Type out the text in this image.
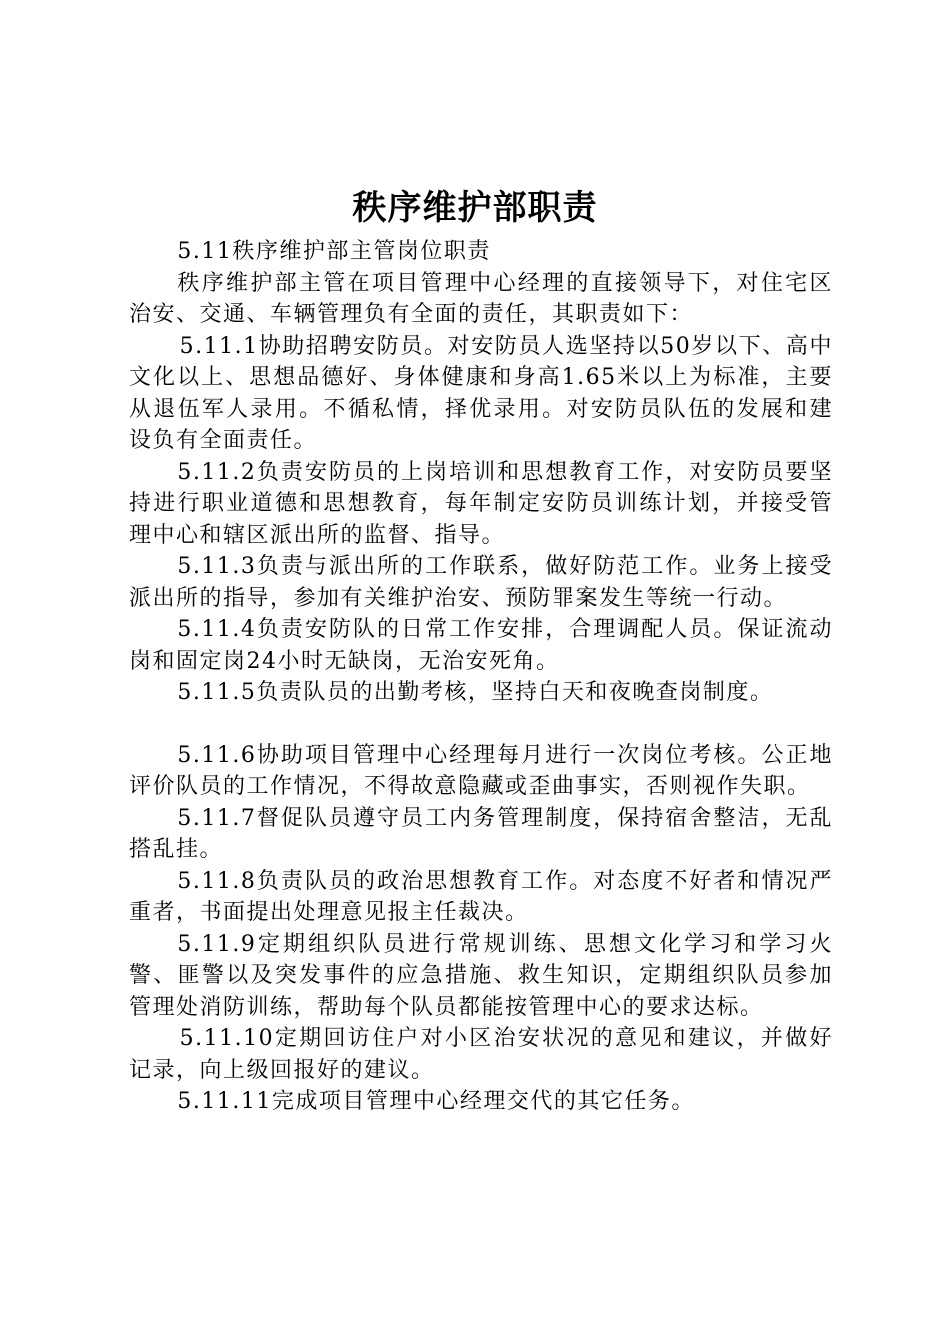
秩序维护部职责

5.11秩序维护部主管岗位职责

秩序维护部主管在项目管理中心经理的直接领导下，对住宅区治安、交通、车辆管理负有全面的责任，其职责如下：

5.11.1协助招聘安防员。对安防员人选坚持以50岁以下、高中文化以上、思想品德好、身体健康和身高1.65米以上为标准，主要从退伍军人录用。不循私情，择优录用。对安防员队伍的发展和建设负有全面责任。

5.11.2负责安防员的上岗培训和思想教育工作，对安防员要坚持进行职业道德和思想教育，每年制定安防员训练计划，并接受管理中心和辖区派出所的监督、指导。

5.11.3负责与派出所的工作联系，做好防范工作。业务上接受派出所的指导，参加有关维护治安、预防罪案发生等统一行动。

5.11.4负责安防队的日常工作安排，合理调配人员。保证流动岗和固定岗24小时无缺岗，无治安死角。

5.11.5负责队员的出勤考核，坚持白天和夜晚查岗制度。

5.11.6协助项目管理中心经理每月进行一次岗位考核。公正地评价队员的工作情况，不得故意隐藏或歪曲事实，否则视作失职。

5.11.7督促队员遵守员工内务管理制度，保持宿舍整洁，无乱搭乱挂。

5.11.8负责队员的政治思想教育工作。对态度不好者和情况严重者，书面提出处理意见报主任裁决。

5.11.9定期组织队员进行常规训练、思想文化学习和学习火警、匪警以及突发事件的应急措施、救生知识，定期组织队员参加管理处消防训练，帮助每个队员都能按管理中心的要求达标。

5.11.10定期回访住户对小区治安状况的意见和建议，并做好记录，向上级回报好的建议。

5.11.11完成项目管理中心经理交代的其它任务。
